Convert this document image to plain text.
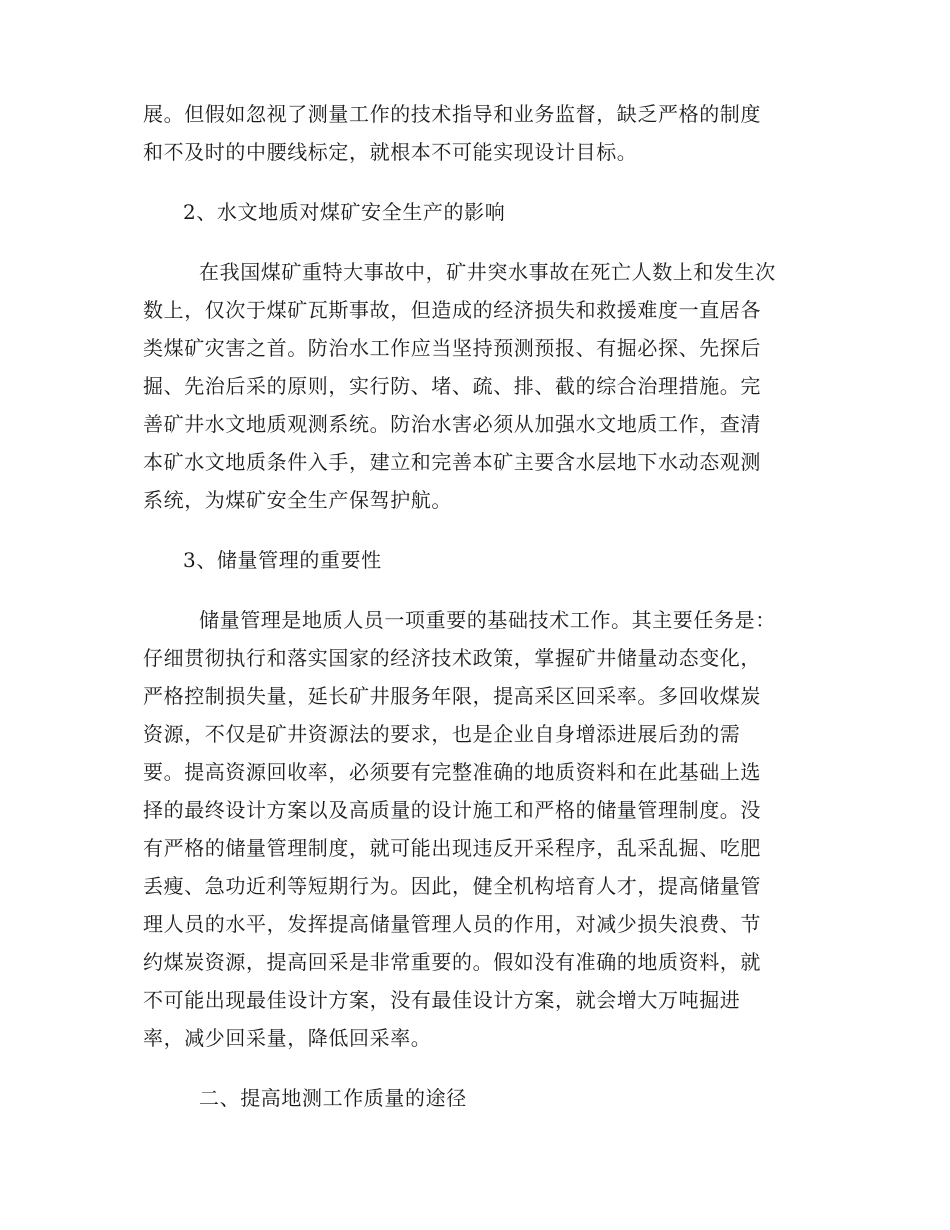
展。但假如忽视了测量工作的技术指导和业务监督，缺乏严格的制度
和不及时的中腰线标定，就根本不可能实现设计目标。
2、水文地质对煤矿安全生产的影响
在我国煤矿重特大事故中，矿井突水事故在死亡人数上和发生次
数上，仅次于煤矿瓦斯事故，但造成的经济损失和救援难度一直居各
类煤矿灾害之首。防治水工作应当坚持预测预报、有掘必探、先探后
掘、先治后采的原则，实行防、堵、疏、排、截的综合治理措施。完
善矿井水文地质观测系统。防治水害必须从加强水文地质工作，查清
本矿水文地质条件入手，建立和完善本矿主要含水层地下水动态观测
系统，为煤矿安全生产保驾护航。
3、储量管理的重要性
储量管理是地质人员一项重要的基础技术工作。其主要任务是：
仔细贯彻执行和落实国家的经济技术政策，掌握矿井储量动态变化，
严格控制损失量，延长矿井服务年限，提高采区回采率。多回收煤炭
资源，不仅是矿井资源法的要求，也是企业自身增添进展后劲的需
要。提高资源回收率，必须要有完整准确的地质资料和在此基础上选
择的最终设计方案以及高质量的设计施工和严格的储量管理制度。没
有严格的储量管理制度，就可能出现违反开采程序，乱采乱掘、吃肥
丢瘦、急功近利等短期行为。因此，健全机构培育人才，提高储量管
理人员的水平，发挥提高储量管理人员的作用，对减少损失浪费、节
约煤炭资源，提高回采是非常重要的。假如没有准确的地质资料，就
不可能出现最佳设计方案，没有最佳设计方案，就会增大万吨掘进
率，减少回采量，降低回采率。
二、提高地测工作质量的途径
